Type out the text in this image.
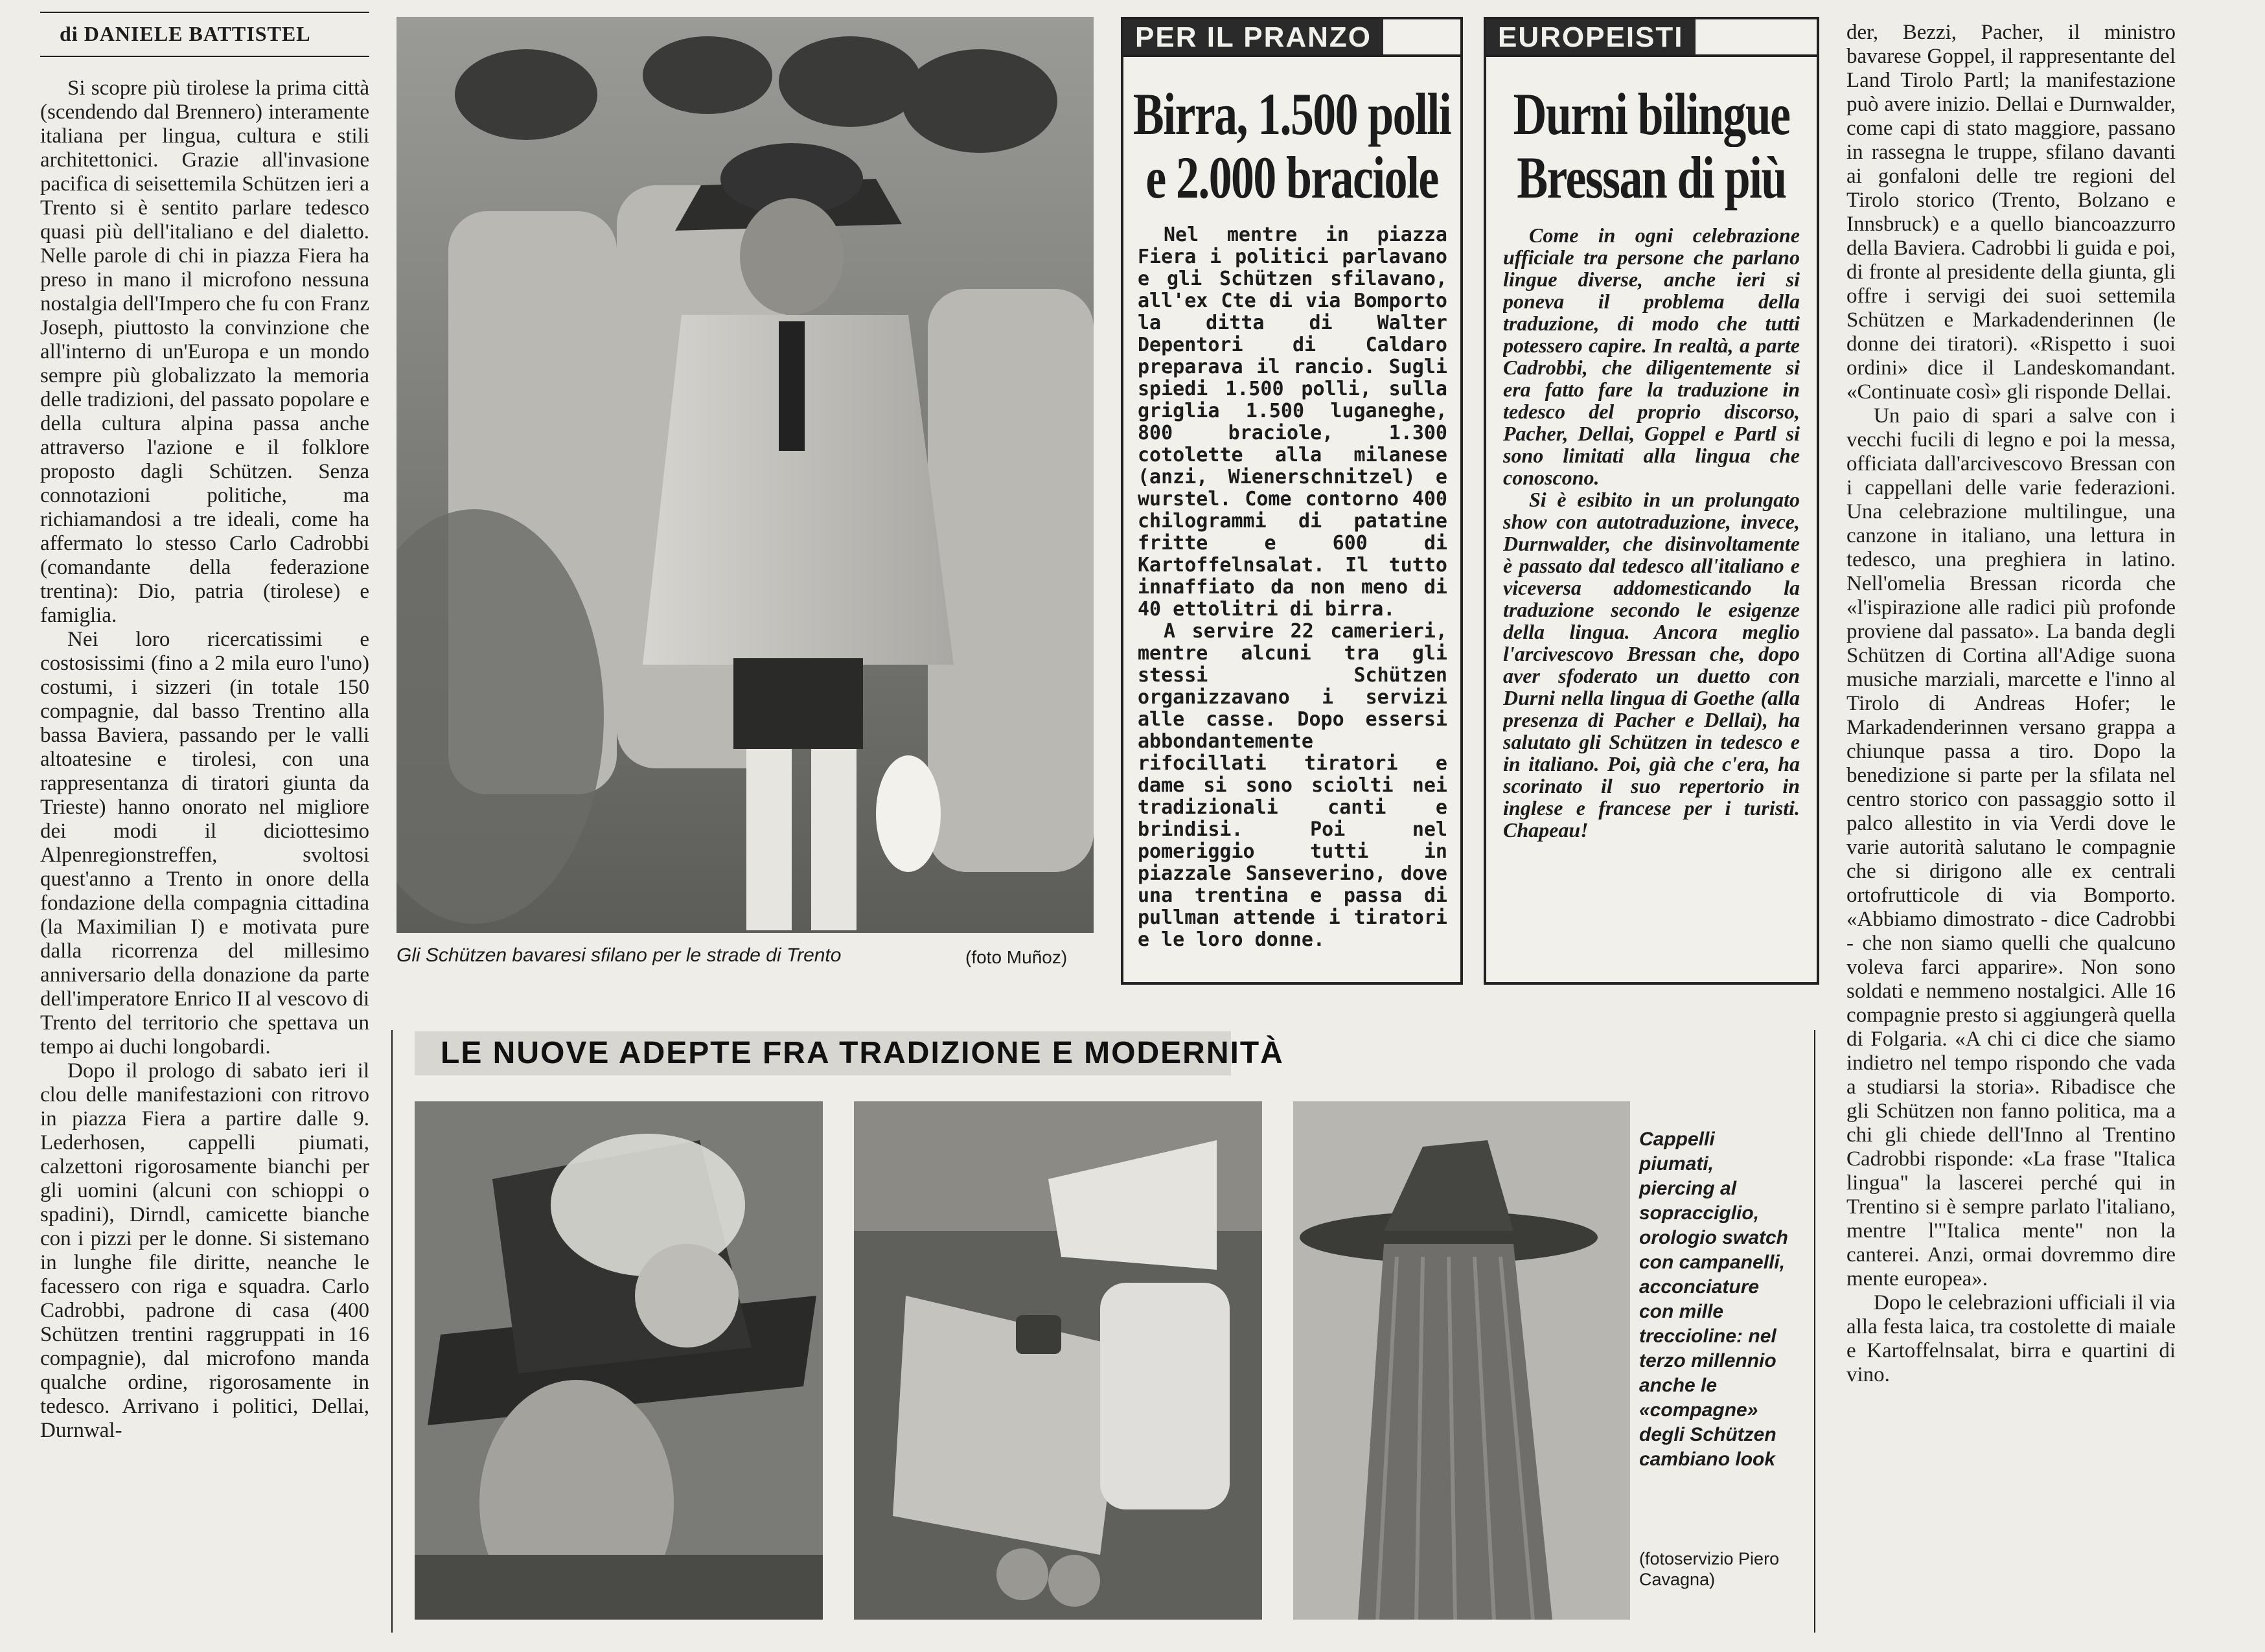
di DANIELE BATTISTEL
Si scopre più tirolese la prima città (scendendo dal Brennero) interamente italiana per lingua, cultura e stili architettonici. Grazie all'invasione pacifica di seisettemila Schützen ieri a Trento si è sentito parlare tedesco quasi più dell'italiano e del dialetto. Nelle parole di chi in piazza Fiera ha preso in mano il microfono nessuna nostalgia dell'Impero che fu con Franz Joseph, piuttosto la convinzione che all'interno di un'Europa e un mondo sempre più globalizzato la memoria delle tradizioni, del passato popolare e della cultura alpina passa anche attraverso l'azione e il folklore proposto dagli Schützen. Senza connotazioni politiche, ma richiamandosi a tre ideali, come ha affermato lo stesso Carlo Cadrobbi (comandante della federazione trentina): Dio, patria (tirolese) e famiglia.
Nei loro ricercatissimi e costosissimi (fino a 2 mila euro l'uno) costumi, i sizzeri (in totale 150 compagnie, dal basso Trentino alla bassa Baviera, passando per le valli altoatesine e tirolesi, con una rappresentanza di tiratori giunta da Trieste) hanno onorato nel migliore dei modi il diciottesimo Alpenregionstreffen, svoltosi quest'anno a Trento in onore della fondazione della compagnia cittadina (la Maximilian I) e motivata pure dalla ricorrenza del millesimo anniversario della donazione da parte dell'imperatore Enrico II al vescovo di Trento del territorio che spettava un tempo ai duchi longobardi.
Dopo il prologo di sabato ieri il clou delle manifestazioni con ritrovo in piazza Fiera a partire dalle 9. Lederhosen, cappelli piumati, calzettoni rigorosamente bianchi per gli uomini (alcuni con schioppi o spadini), Dirndl, camicette bianche con i pizzi per le donne. Si sistemano in lunghe file diritte, neanche le facessero con riga e squadra. Carlo Cadrobbi, padrone di casa (400 Schützen trentini raggruppati in 16 compagnie), dal microfono manda qualche ordine, rigorosamente in tedesco. Arrivano i politici, Dellai, Durnwal-
Gli Schützen bavaresi sfilano per le strade di Trento	(foto Muñoz)
PER IL PRANZO
Birra, 1.500 polli
e 2.000 braciole
Nel mentre in piazza Fiera i politici parlavano e gli Schützen sfilavano, all'ex Cte di via Bomporto la ditta di Walter Depentori di Caldaro preparava il rancio. Sugli spiedi 1.500 polli, sulla griglia 1.500 luganeghe, 800 braciole, 1.300 cotolette alla milanese (anzi, Wienerschnitzel) e wurstel. Come contorno 400 chilogrammi di patatine fritte e 600 di Kartoffelnsalat. Il tutto innaffiato da non meno di 40 ettolitri di birra.
A servire 22 camerieri, mentre alcuni tra gli stessi Schützen organizzavano i servizi alle casse. Dopo essersi abbondantemente rifocillati tiratori e dame si sono sciolti nei tradizionali canti e brindisi. Poi nel pomeriggio tutti in piazzale Sanseverino, dove una trentina e passa di pullman attende i tiratori e le loro donne.
EUROPEISTI
Durni bilingue
Bressan di più
Come in ogni celebrazione ufficiale tra persone che parlano lingue diverse, anche ieri si poneva il problema della traduzione, di modo che tutti potessero capire. In realtà, a parte Cadrobbi, che diligentemente si era fatto fare la traduzione in tedesco del proprio discorso, Pacher, Dellai, Goppel e Partl si sono limitati alla lingua che conoscono.
Si è esibito in un prolungato show con autotraduzione, invece, Durnwalder, che disinvoltamente è passato dal tedesco all'italiano e viceversa addomesticando la traduzione secondo le esigenze della lingua. Ancora meglio l'arcivescovo Bressan che, dopo aver sfoderato un duetto con Durni nella lingua di Goethe (alla presenza di Pacher e Dellai), ha salutato gli Schützen in tedesco e in italiano. Poi, già che c'era, ha scorinato il suo repertorio in inglese e francese per i turisti. Chapeau!
der, Bezzi, Pacher, il ministro bavarese Goppel, il rappresentante del Land Tirolo Partl; la manifestazione può avere inizio. Dellai e Durnwalder, come capi di stato maggiore, passano in rassegna le truppe, sfilano davanti ai gonfaloni delle tre regioni del Tirolo storico (Trento, Bolzano e Innsbruck) e a quello biancoazzurro della Baviera. Cadrobbi li guida e poi, di fronte al presidente della giunta, gli offre i servigi dei suoi settemila Schützen e Markadenderinnen (le donne dei tiratori). «Rispetto i suoi ordini» dice il Landeskomandant. «Continuate così» gli risponde Dellai.
Un paio di spari a salve con i vecchi fucili di legno e poi la messa, officiata dall'arcivescovo Bressan con i cappellani delle varie federazioni. Una celebrazione multilingue, una canzone in italiano, una lettura in tedesco, una preghiera in latino. Nell'omelia Bressan ricorda che «l'ispirazione alle radici più profonde proviene dal passato». La banda degli Schützen di Cortina all'Adige suona musiche marziali, marcette e l'inno al Tirolo di Andreas Hofer; le Markadenderinnen versano grappa a chiunque passa a tiro. Dopo la benedizione si parte per la sfilata nel centro storico con passaggio sotto il palco allestito in via Verdi dove le varie autorità salutano le compagnie che si dirigono alle ex centrali ortofrutticole di via Bomporto. «Abbiamo dimostrato - dice Cadrobbi - che non siamo quelli che qualcuno voleva farci apparire». Non sono soldati e nemmeno nostalgici. Alle 16 compagnie presto si aggiungerà quella di Folgaria. «A chi ci dice che siamo indietro nel tempo rispondo che vada a studiarsi la storia». Ribadisce che gli Schützen non fanno politica, ma a chi gli chiede dell'Inno al Trentino Cadrobbi risponde: «La frase "Italica lingua" la lascerei perché qui in Trentino si è sempre parlato l'italiano, mentre l'"Italica mente" non la canterei. Anzi, ormai dovremmo dire mente europea».
Dopo le celebrazioni ufficiali il via alla festa laica, tra costolette di maiale e Kartoffelnsalat, birra e quartini di vino.
LE NUOVE ADEPTE FRA TRADIZIONE E MODERNITÀ
Cappelli piumati, piercing al sopracciglio, orologio swatch con campanelli, acconciature con mille treccioline: nel terzo millennio anche le «compagne» degli Schützen cambiano look
(fotoservizio Piero Cavagna)
